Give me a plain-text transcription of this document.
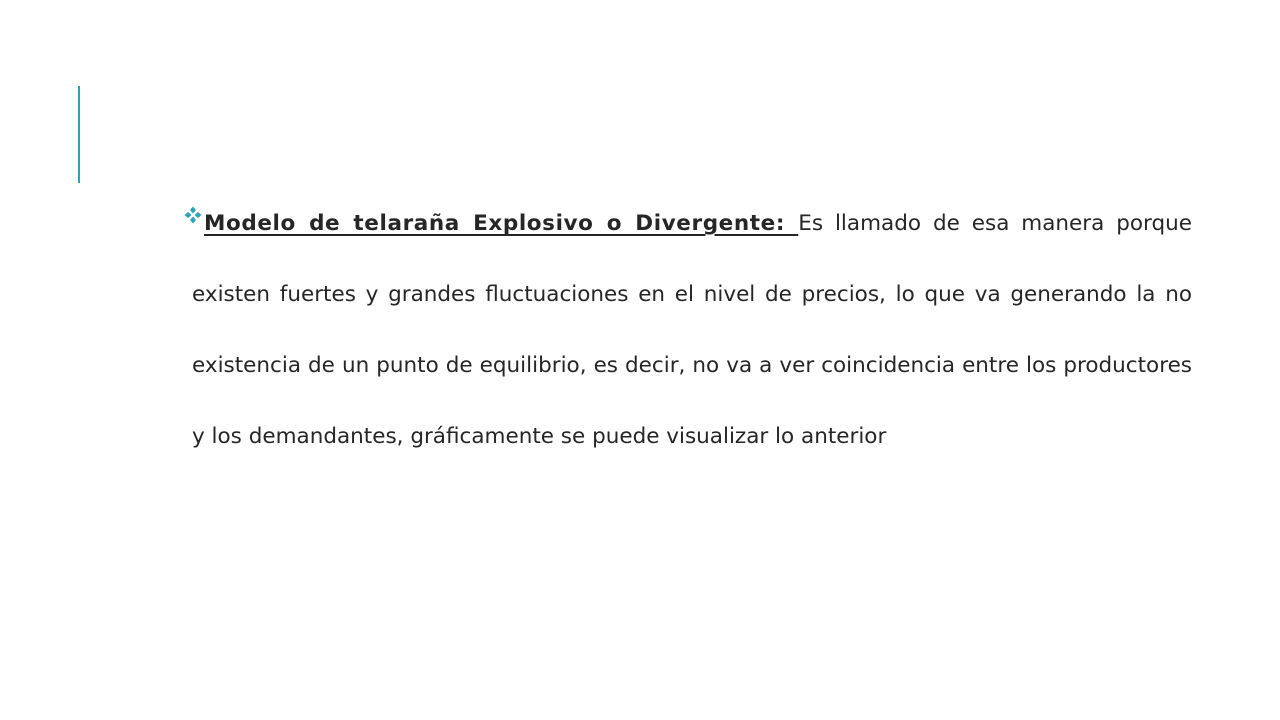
Modelo de telaraña Explosivo o Divergente: Es llamado de esa manera porque existen fuertes y grandes fluctuaciones en el nivel de precios, lo que va generando la no existencia de un punto de equilibrio, es decir, no va a ver coincidencia entre los productores y los demandantes, gráficamente se puede visualizar lo anterior
